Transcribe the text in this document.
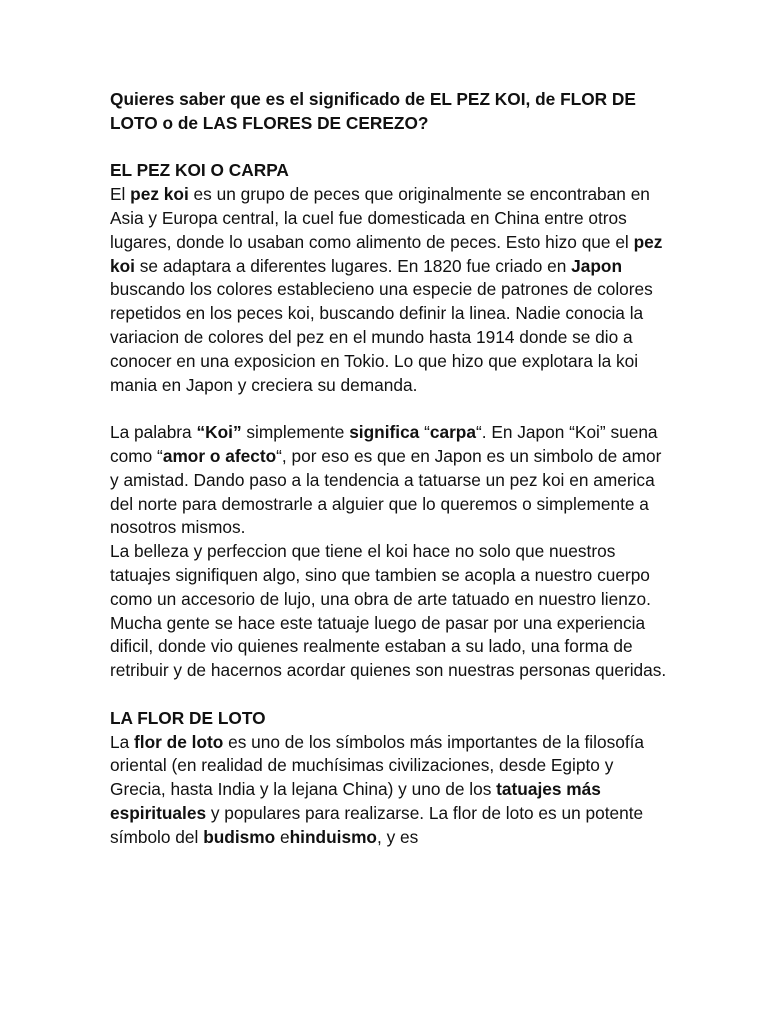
Quieres saber que es el significado de EL PEZ KOI, de FLOR DE
LOTO o de LAS FLORES DE CEREZO?

EL PEZ KOI O CARPA

El pez koi es un grupo de peces que originalmente se encontraban en Asia y Europa central, la cuel fue domesticada en China entre otros lugares, donde lo usaban como alimento de peces. Esto hizo que el pez koi se adaptara a diferentes lugares. En 1820 fue criado en Japon buscando los colores establecieno una especie de patrones de colores repetidos en los peces koi, buscando definir la linea. Nadie conocia la variacion de colores del pez en el mundo hasta 1914 donde se dio a conocer en una exposicion en Tokio. Lo que hizo que explotara la koi mania en Japon y creciera su demanda.

La palabra “Koi” simplemente significa “carpa“. En Japon “Koi” suena como “amor o afecto“, por eso es que en Japon es un simbolo de amor y amistad. Dando paso a la tendencia a tatuarse un pez koi en america del norte para demostrarle a alguier que lo queremos o simplemente a nosotros mismos.

La belleza y perfeccion que tiene el koi hace no solo que nuestros tatuajes signifiquen algo, sino que tambien se acopla a nuestro cuerpo como un accesorio de lujo, una obra de arte tatuado en nuestro lienzo.

Mucha gente se hace este tatuaje luego de pasar por una experiencia dificil, donde vio quienes realmente estaban a su lado, una forma de retribuir y de hacernos acordar quienes son nuestras personas queridas.

LA FLOR DE LOTO

La flor de loto es uno de los símbolos más importantes de la filosofía oriental (en realidad de muchísimas civilizaciones, desde Egipto y Grecia, hasta India y la lejana China) y uno de los tatuajes más espirituales y populares para realizarse. La flor de loto es un potente símbolo del budismo ehinduismo, y es
